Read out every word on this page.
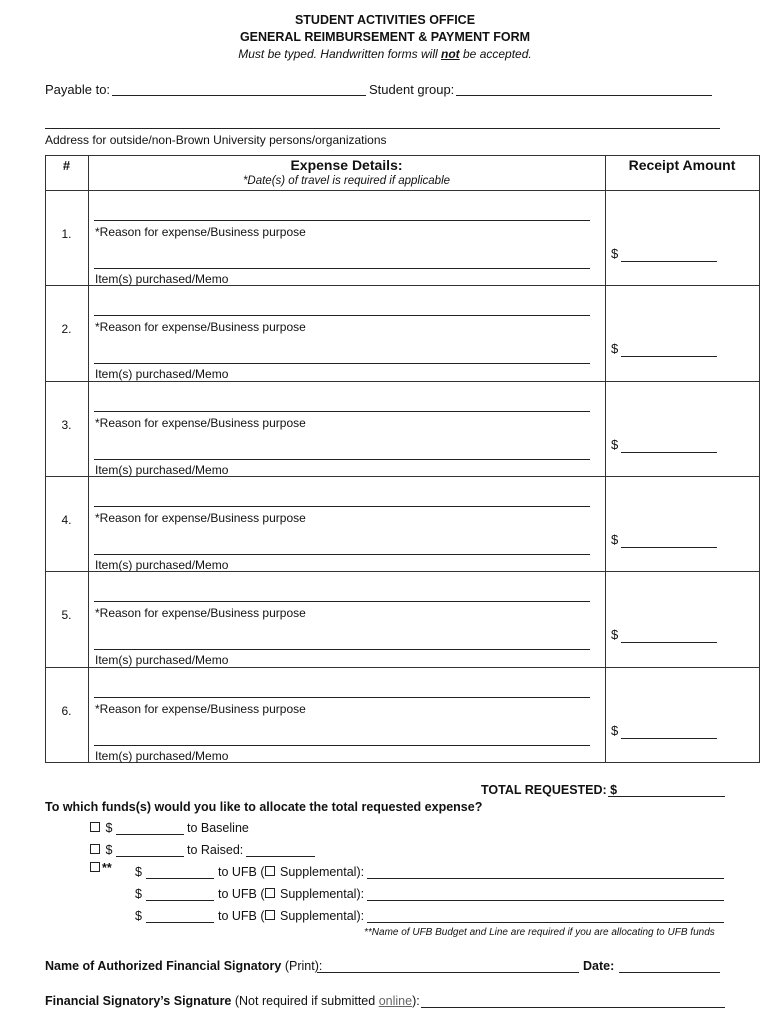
STUDENT ACTIVITIES OFFICE
GENERAL REIMBURSEMENT & PAYMENT FORM
Must be typed. Handwritten forms will not be accepted.
Payable to:	Student group:
Address for outside/non-Brown University persons/organizations
#	Expense Details:
*Date(s) of travel is required if applicable
Receipt Amount
1.	*Reason for expense/Business purpose
Item(s) purchased/Memo
$
2.	*Reason for expense/Business purpose
Item(s) purchased/Memo
$
3.	*Reason for expense/Business purpose
Item(s) purchased/Memo
$
4.	*Reason for expense/Business purpose
Item(s) purchased/Memo
$
5.	*Reason for expense/Business purpose
Item(s) purchased/Memo
$
6.	*Reason for expense/Business purpose
Item(s) purchased/Memo
$
TOTAL REQUESTED: $
To which funds(s) would you like to allocate the total requested expense?
$	to Baseline
$	to Raised:
** $	to UFB ( Supplemental):
$	to UFB ( Supplemental):
$	to UFB ( Supplemental):
**Name of UFB Budget and Line are required if you are allocating to UFB funds
Name of Authorized Financial Signatory (Print):	Date:
Financial Signatory’s Signature (Not required if submitted online):
